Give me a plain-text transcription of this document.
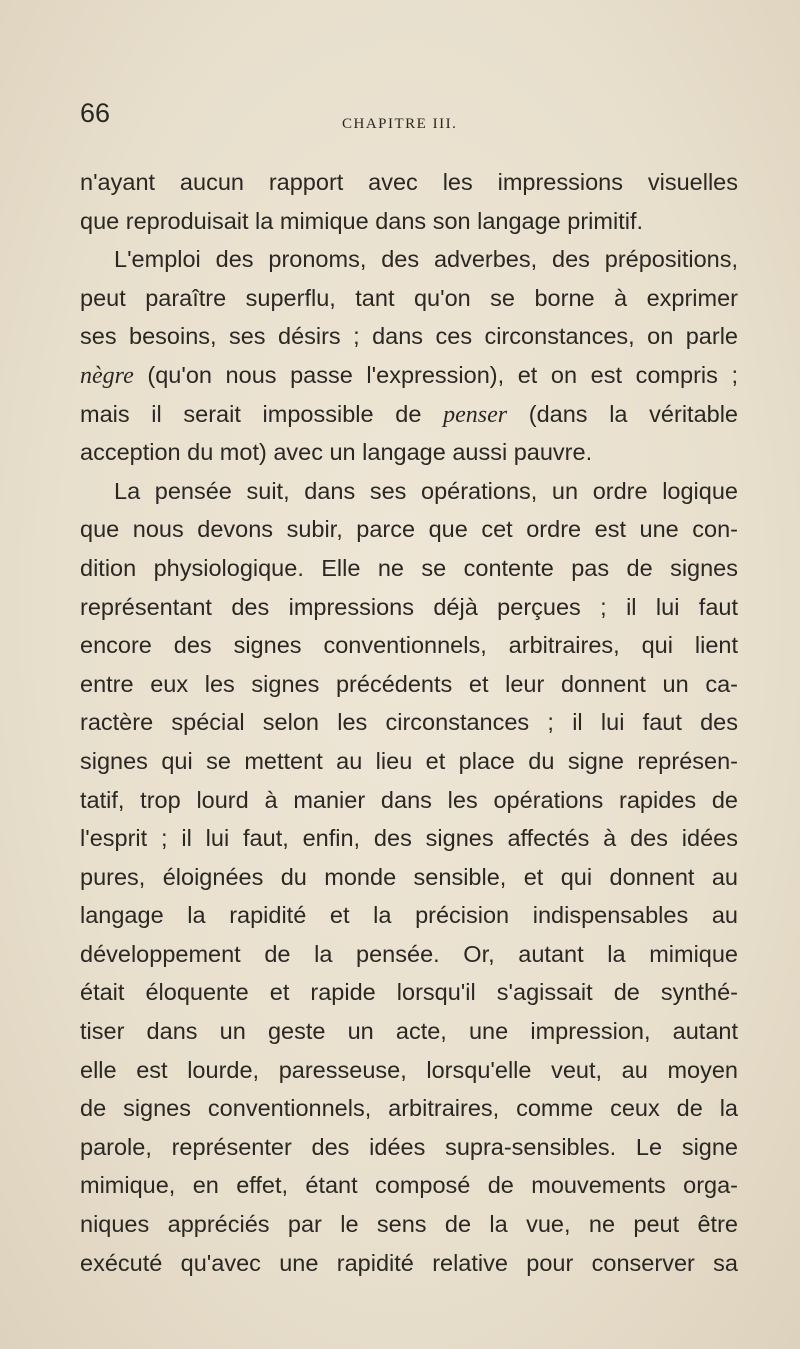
66	CHAPITRE III.
n'ayant aucun rapport avec les impressions visuelles
que reproduisait la mimique dans son langage primitif.
L'emploi des pronoms, des adverbes, des prépositions,
peut paraître superflu, tant qu'on se borne à exprimer
ses besoins, ses désirs ; dans ces circonstances, on parle
nègre (qu'on nous passe l'expression), et on est compris ;
mais il serait impossible de penser (dans la véritable
acception du mot) avec un langage aussi pauvre.
La pensée suit, dans ses opérations, un ordre logique
que nous devons subir, parce que cet ordre est une con-
dition physiologique. Elle ne se contente pas de signes
représentant des impressions déjà perçues ; il lui faut
encore des signes conventionnels, arbitraires, qui lient
entre eux les signes précédents et leur donnent un ca-
ractère spécial selon les circonstances ; il lui faut des
signes qui se mettent au lieu et place du signe représen-
tatif, trop lourd à manier dans les opérations rapides de
l'esprit ; il lui faut, enfin, des signes affectés à des idées
pures, éloignées du monde sensible, et qui donnent au
langage la rapidité et la précision indispensables au
développement de la pensée. Or, autant la mimique
était éloquente et rapide lorsqu'il s'agissait de synthé-
tiser dans un geste un acte, une impression, autant
elle est lourde, paresseuse, lorsqu'elle veut, au moyen
de signes conventionnels, arbitraires, comme ceux de la
parole, représenter des idées supra-sensibles. Le signe
mimique, en effet, étant composé de mouvements orga-
niques appréciés par le sens de la vue, ne peut être
exécuté qu'avec une rapidité relative pour conserver sa
